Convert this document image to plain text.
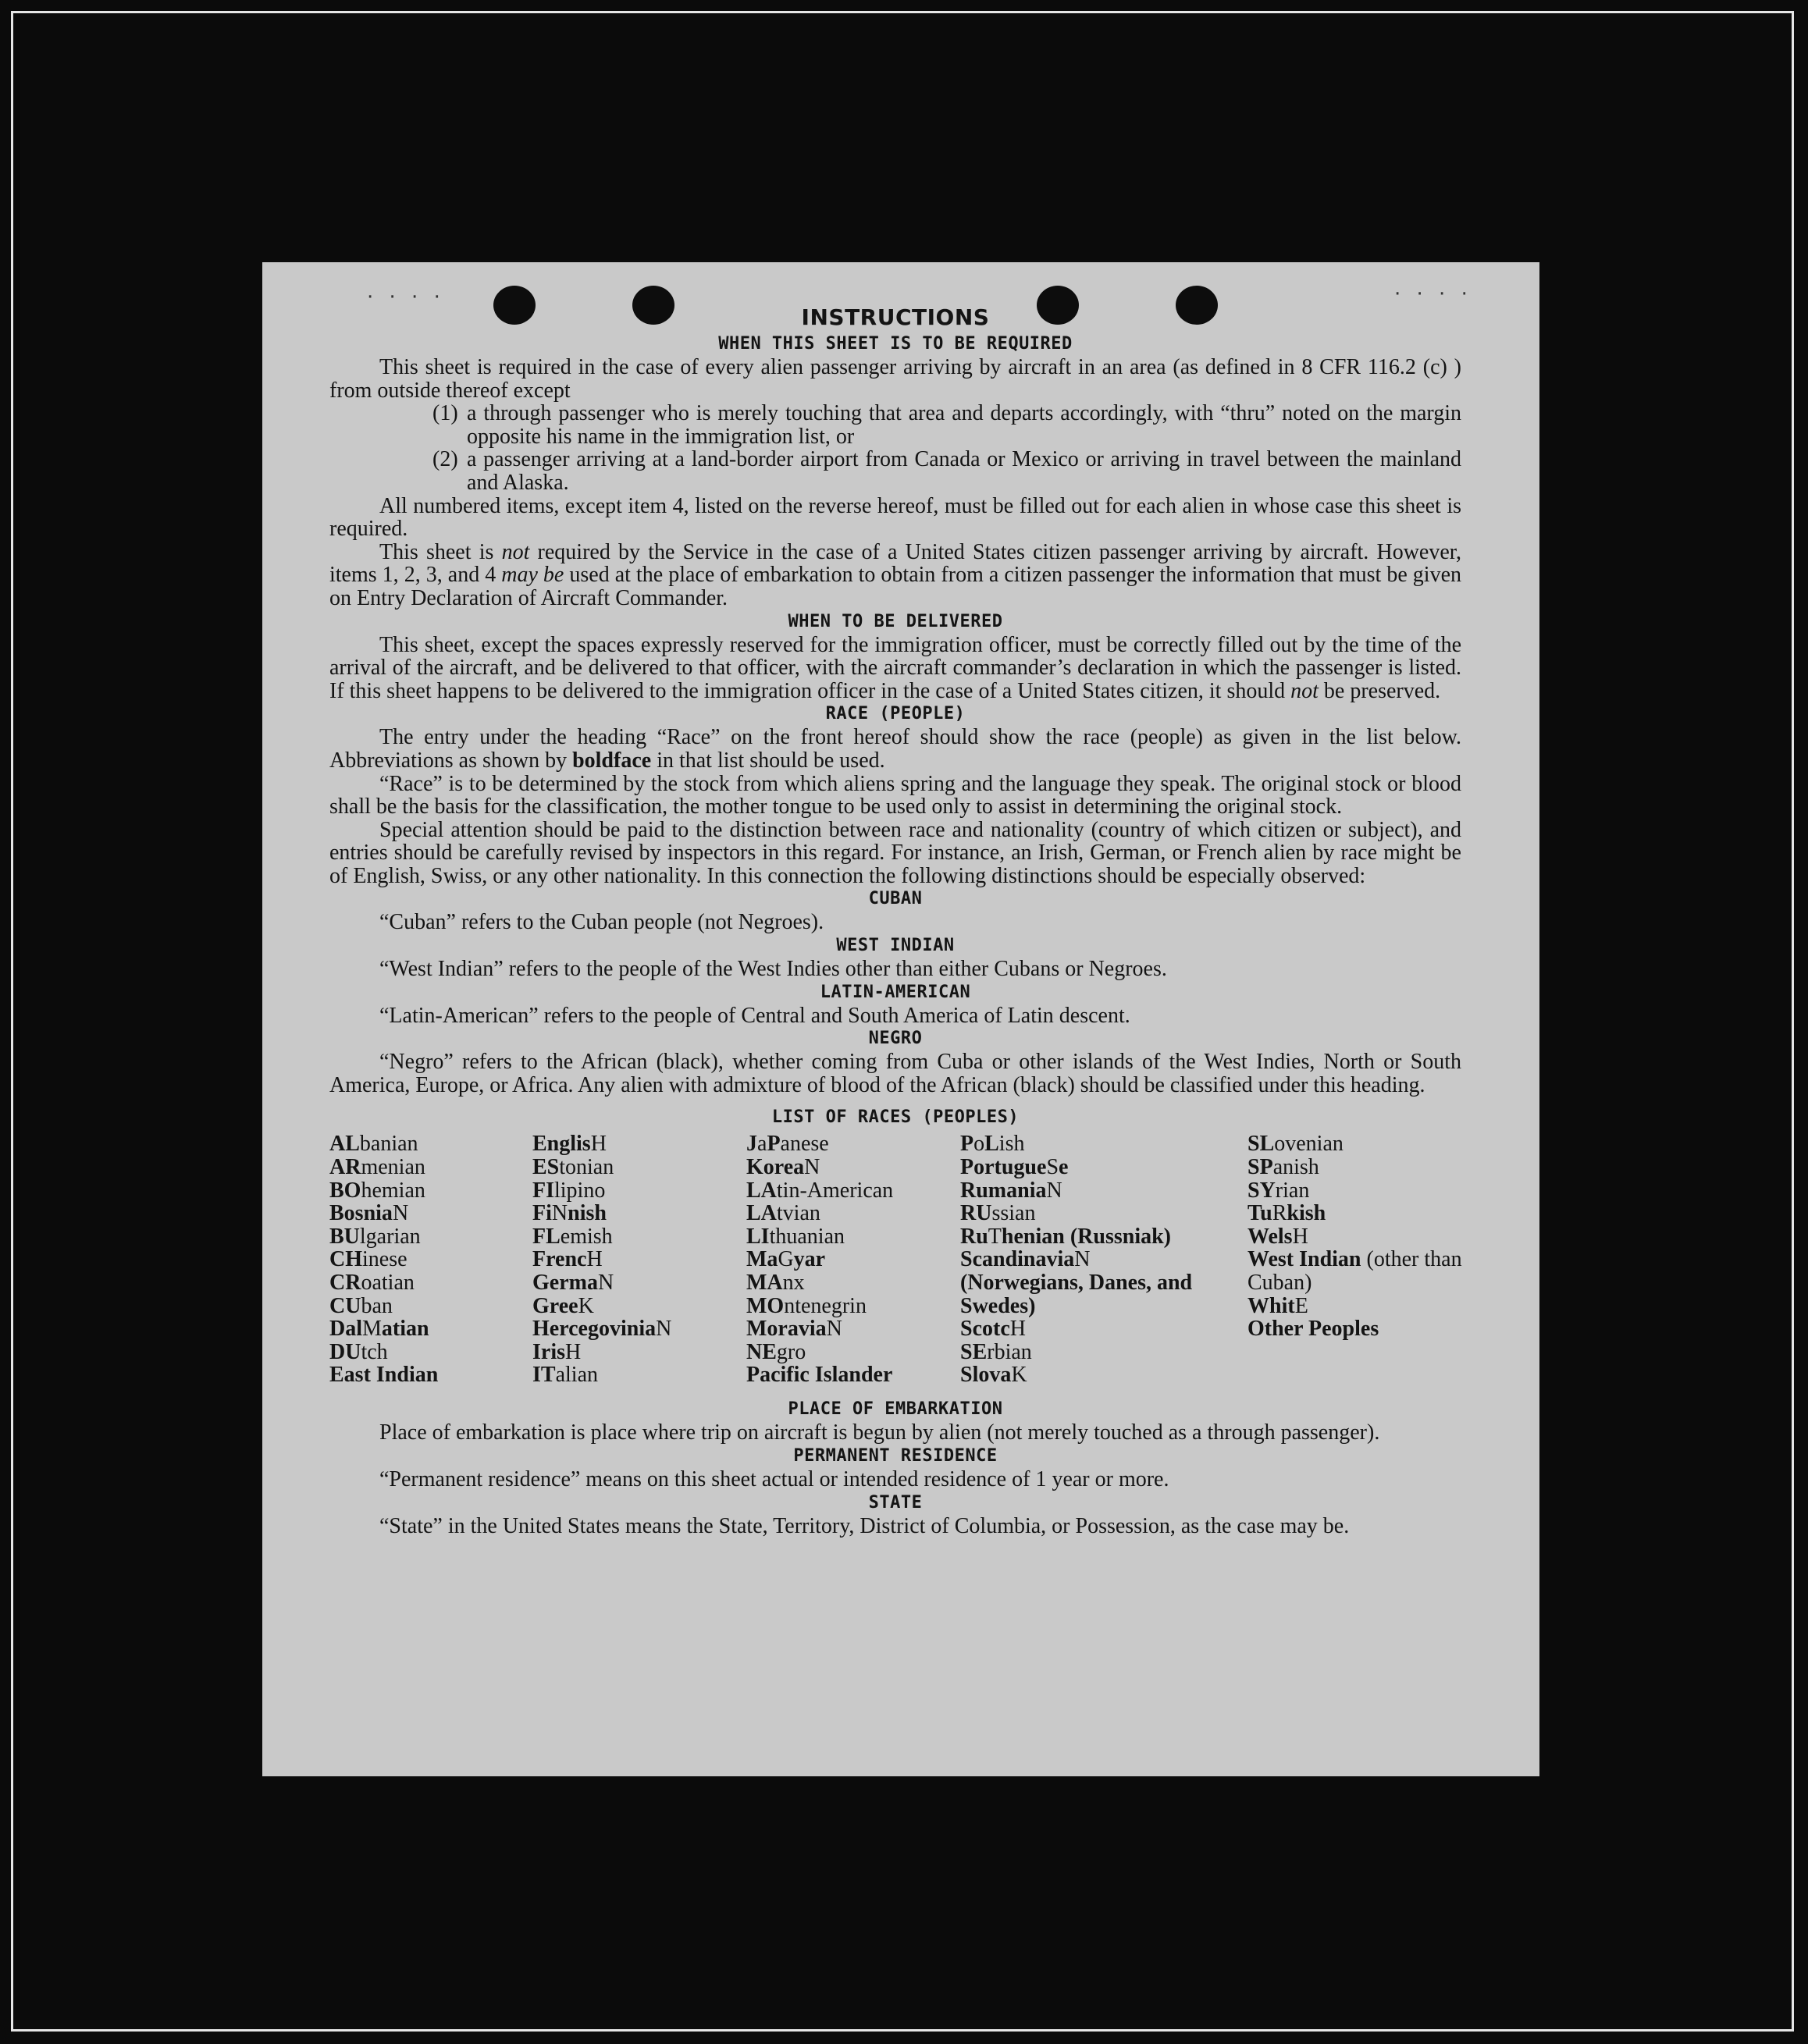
· · · ·	· · · ·
INSTRUCTIONS
WHEN THIS SHEET IS TO BE REQUIRED

This sheet is required in the case of every alien passenger arriving by aircraft in an area (as defined in 8 CFR 116.2 (c) ) from outside thereof except

(1) a through passenger who is merely touching that area and departs accordingly, with “thru” noted on the margin opposite his name in the immigration list, or

(2) a passenger arriving at a land-border airport from Canada or Mexico or arriving in travel between the mainland and Alaska.

All numbered items, except item 4, listed on the reverse hereof, must be filled out for each alien in whose case this sheet is required.

This sheet is not required by the Service in the case of a United States citizen passenger arriving by aircraft. However, items 1, 2, 3, and 4 may be used at the place of embarkation to obtain from a citizen passenger the information that must be given on Entry Declaration of Aircraft Commander.

WHEN TO BE DELIVERED

This sheet, except the spaces expressly reserved for the immigration officer, must be correctly filled out by the time of the arrival of the aircraft, and be delivered to that officer, with the aircraft commander’s declaration in which the passenger is listed. If this sheet happens to be delivered to the immigration officer in the case of a United States citizen, it should not be preserved.

RACE (PEOPLE)

The entry under the heading “Race” on the front hereof should show the race (people) as given in the list below. Abbreviations as shown by boldface in that list should be used.

“Race” is to be determined by the stock from which aliens spring and the language they speak. The original stock or blood shall be the basis for the classification, the mother tongue to be used only to assist in determining the original stock.

Special attention should be paid to the distinction between race and nationality (country of which citizen or subject), and entries should be carefully revised by inspectors in this regard. For instance, an Irish, German, or French alien by race might be of English, Swiss, or any other nationality. In this connection the following distinctions should be especially observed:

CUBAN

“Cuban” refers to the Cuban people (not Negroes).

WEST INDIAN

“West Indian” refers to the people of the West Indies other than either Cubans or Negroes.

LATIN-AMERICAN

“Latin-American” refers to the people of Central and South America of Latin descent.

NEGRO

“Negro” refers to the African (black), whether coming from Cuba or other islands of the West Indies, North or South America, Europe, or Africa. Any alien with admixture of blood of the African (black) should be classified under this heading.

LIST OF RACES (PEOPLES)
ALbanian
ARmenian
BOhemian
BosniaN
BUlgarian
CHinese
CRoatian
CUban
DalMatian
DUtch
East Indian
EnglisH
EStonian
FIlipino
FiNnish
FLemish
FrencH
GermaN
GreeK
HercegoviniaN
IrisH
ITalian
JaPanese
KoreaN
LAtin-American
LAtvian
LIthuanian
MaGyar
MAnx
MOntenegrin
MoraviaN
NEgro
Pacific Islander
PoLish
PortugueSe
RumaniaN
RUssian
RuThenian (Russniak)
ScandinaviaN (Norwegians, Danes, and Swedes)
ScotcH
SErbian
SlovaK
SLovenian
SPanish
SYrian
TuRkish
WelsH
West Indian (other than Cuban)
WhitE
Other Peoples
PLACE OF EMBARKATION

Place of embarkation is place where trip on aircraft is begun by alien (not merely touched as a through passenger).

PERMANENT RESIDENCE

“Permanent residence” means on this sheet actual or intended residence of 1 year or more.

STATE

“State” in the United States means the State, Territory, District of Columbia, or Possession, as the case may be.
